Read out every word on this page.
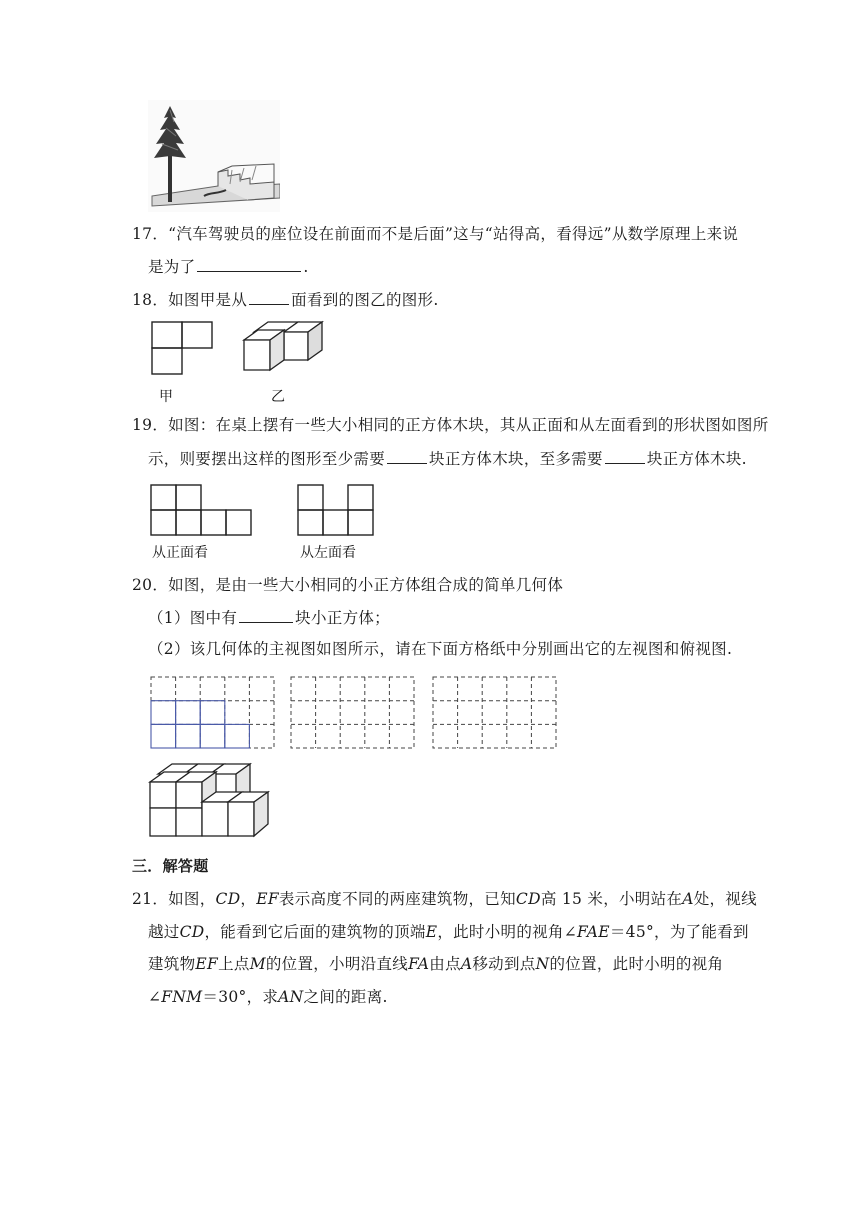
17．“汽车驾驶员的座位设在前面而不是后面”这与“站得高，看得远”从数学原理上来说
是为了	.
18．如图甲是从	面看到的图乙的图形.
甲	乙
19．如图：在桌上摆有一些大小相同的正方体木块，其从正面和从左面看到的形状图如图所
示，则要摆出这样的图形至少需要	块正方体木块，至多需要	块正方体木块.
从正面看	从左面看
20．如图，是由一些大小相同的小正方体组合成的简单几何体
（1）图中有	块小正方体；
（2）该几何体的主视图如图所示，请在下面方格纸中分别画出它的左视图和俯视图.
三．解答题
21．如图，CD，EF表示高度不同的两座建筑物，已知CD高 15 米，小明站在A处，视线
越过CD，能看到它后面的建筑物的顶端E，此时小明的视角∠FAE＝45°，为了能看到
建筑物EF上点M的位置，小明沿直线FA由点A移动到点N的位置，此时小明的视角
∠FNM＝30°，求AN之间的距离.
